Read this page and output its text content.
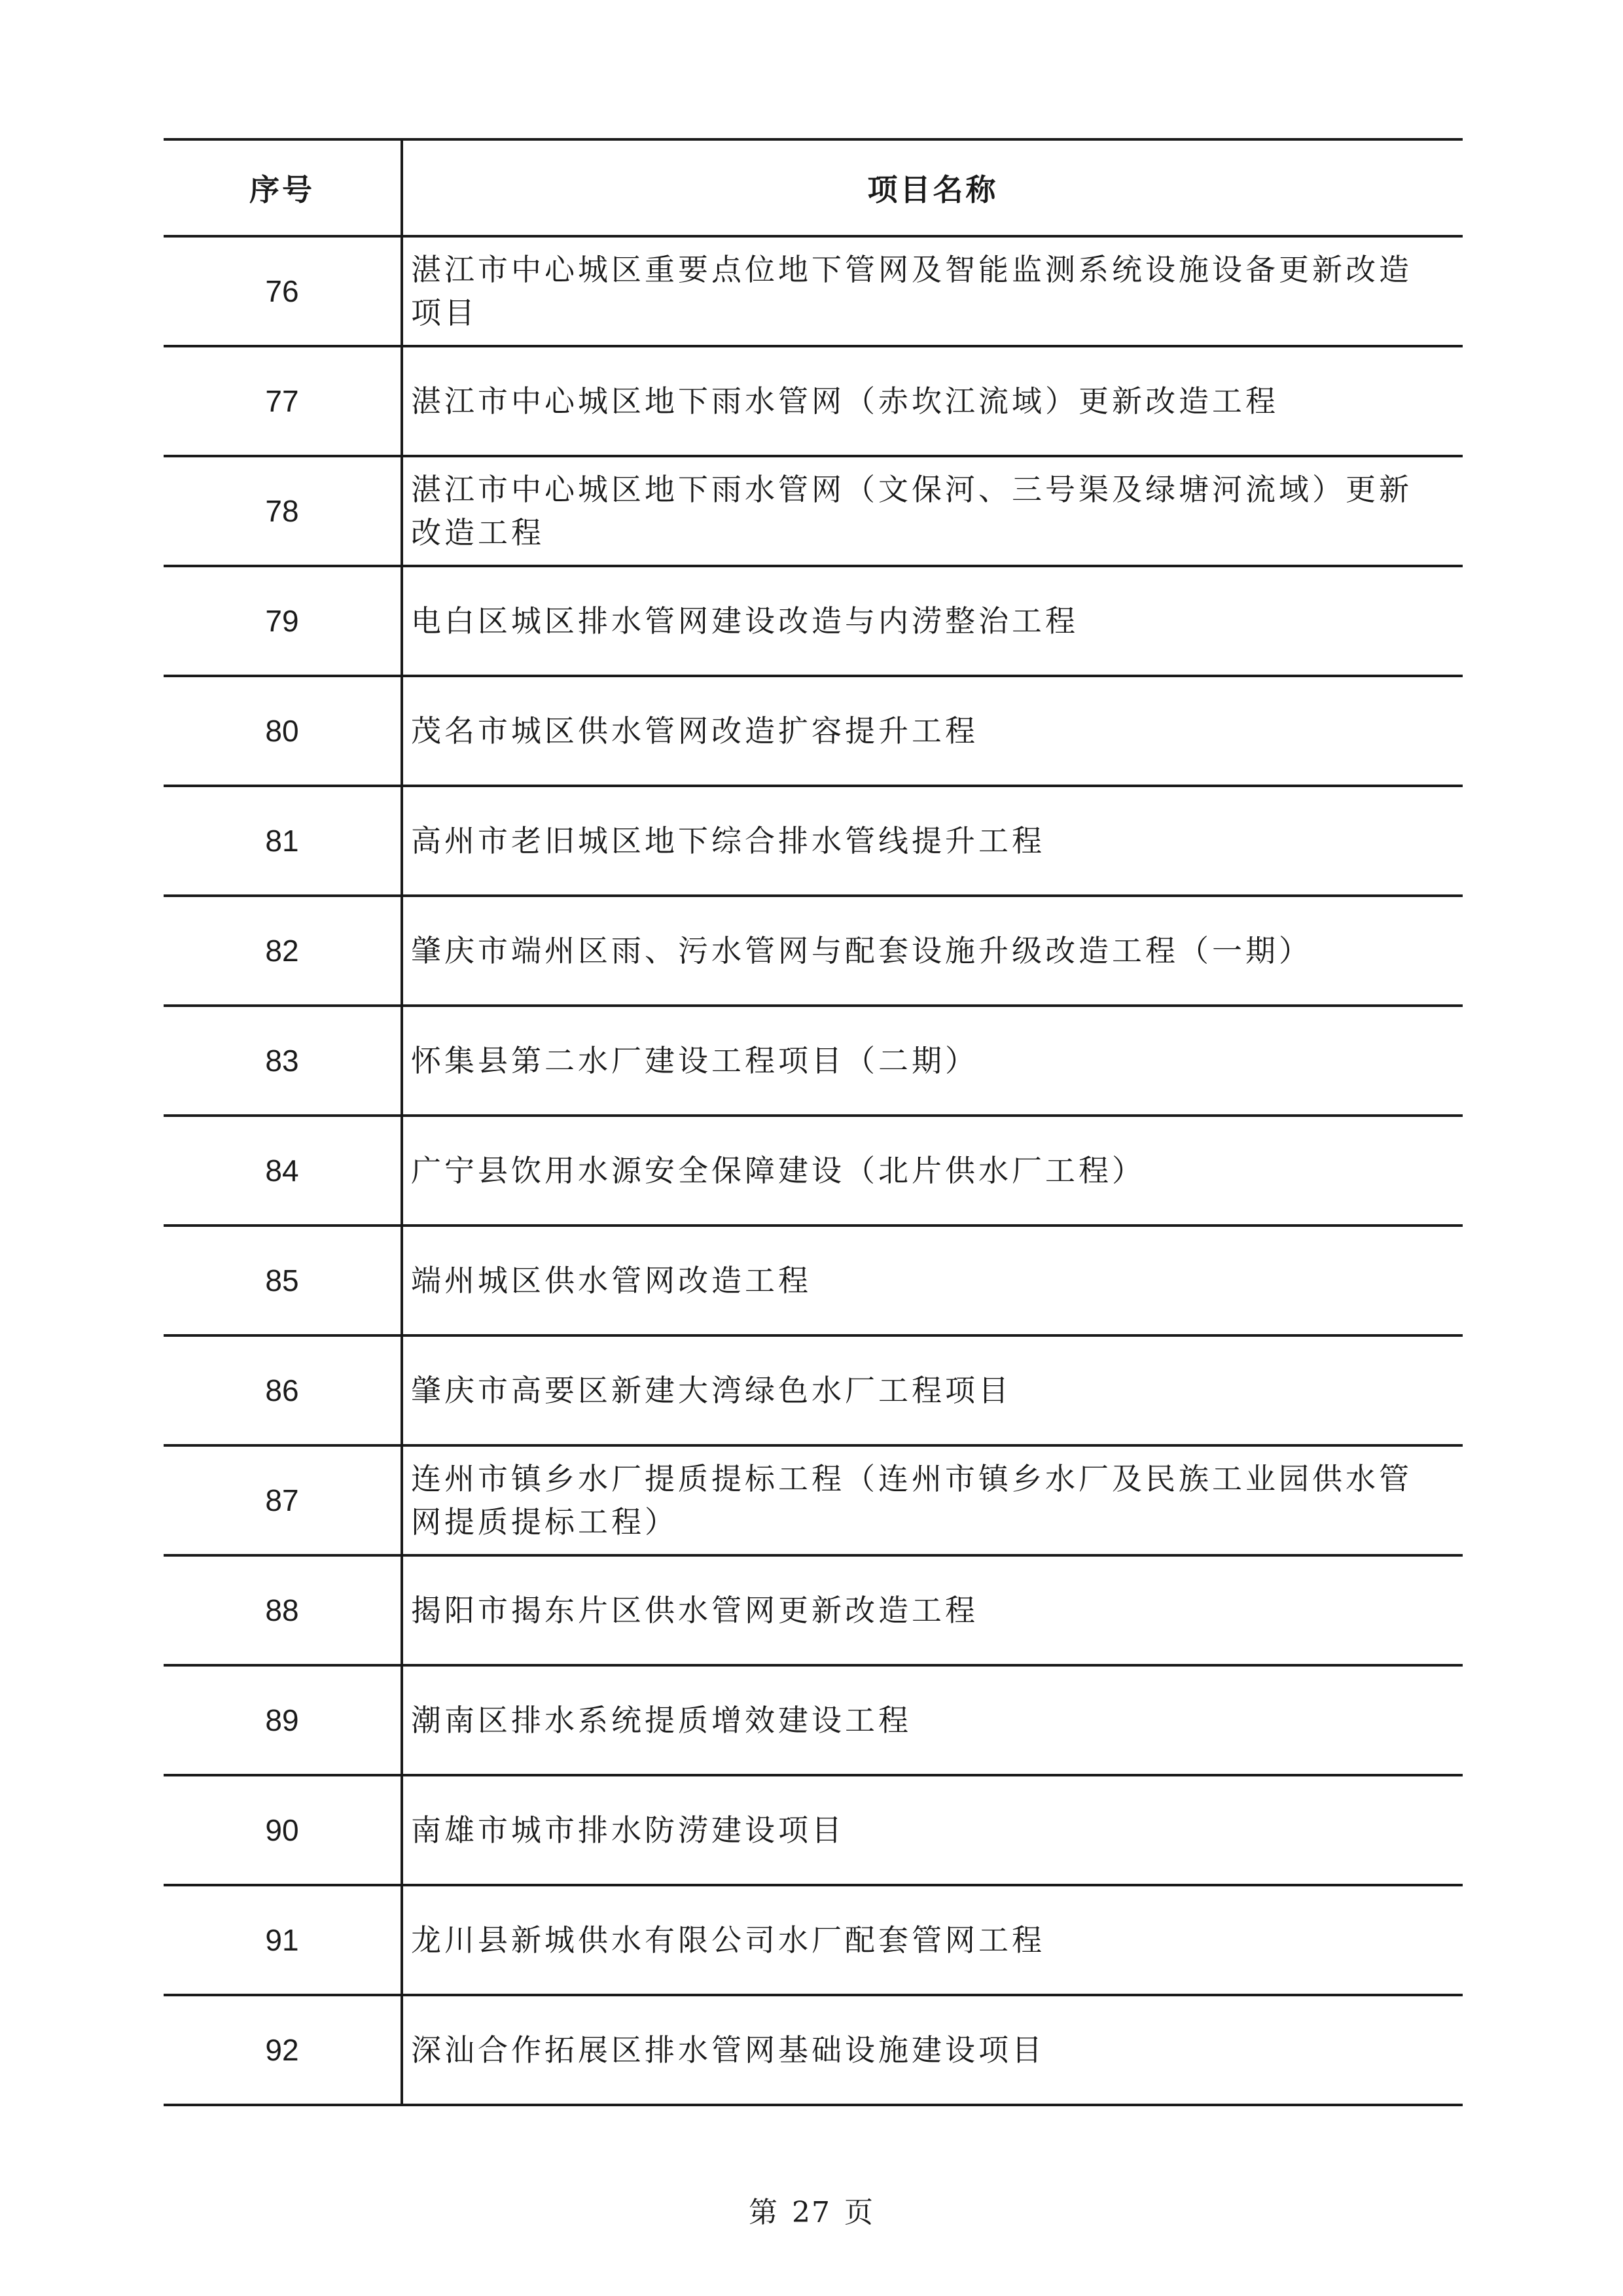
序号	项目名称
76	湛江市中心城区重要点位地下管网及智能监测系统设施设备更新改造项目
77	湛江市中心城区地下雨水管网（赤坎江流域）更新改造工程
78	湛江市中心城区地下雨水管网（文保河、三号渠及绿塘河流域）更新改造工程
79	电白区城区排水管网建设改造与内涝整治工程
80	茂名市城区供水管网改造扩容提升工程
81	高州市老旧城区地下综合排水管线提升工程
82	肇庆市端州区雨、污水管网与配套设施升级改造工程（一期）
83	怀集县第二水厂建设工程项目（二期）
84	广宁县饮用水源安全保障建设（北片供水厂工程）
85	端州城区供水管网改造工程
86	肇庆市高要区新建大湾绿色水厂工程项目
87	连州市镇乡水厂提质提标工程（连州市镇乡水厂及民族工业园供水管网提质提标工程）
88	揭阳市揭东片区供水管网更新改造工程
89	潮南区排水系统提质增效建设工程
90	南雄市城市排水防涝建设项目
91	龙川县新城供水有限公司水厂配套管网工程
92	深汕合作拓展区排水管网基础设施建设项目
第 27 页
